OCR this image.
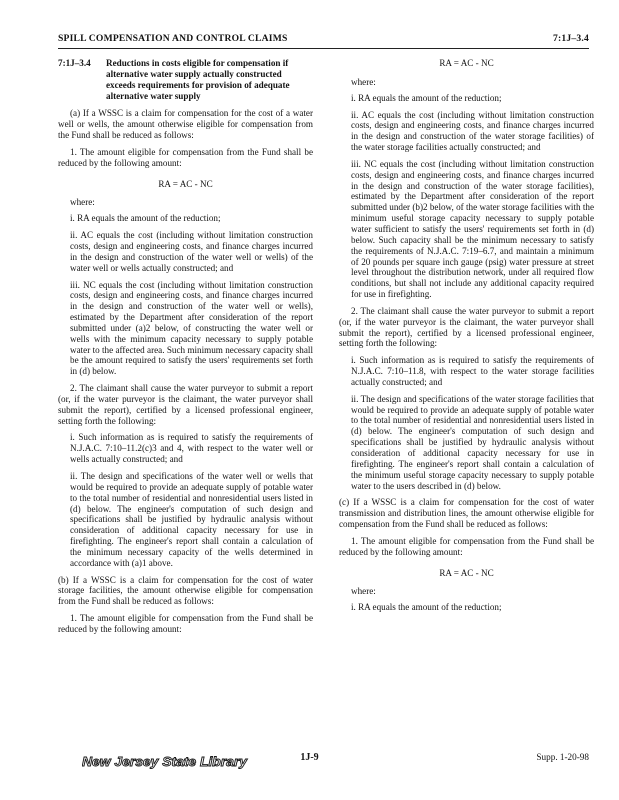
SPILL COMPENSATION AND CONTROL CLAIMS	7:1J–3.4
7:1J–3.4	Reductions in costs eligible for compensation if alternative water supply actually constructed exceeds requirements for provision of adequate alternative water supply

(a) If a WSSC is a claim for compensation for the cost of a water well or wells, the amount otherwise eligible for compensation from the Fund shall be reduced as follows:

1. The amount eligible for compensation from the Fund shall be reduced by the following amount:

RA = AC - NC

where:

i. RA equals the amount of the reduction;

ii. AC equals the cost (including without limitation construction costs, design and engineering costs, and finance charges incurred in the design and construction of the water well or wells) of the water well or wells actually constructed; and

iii. NC equals the cost (including without limitation construction costs, design and engineering costs, and finance charges incurred in the design and construction of the water well or wells), estimated by the Department after consideration of the report submitted under (a)2 below, of constructing the water well or wells with the minimum capacity necessary to supply potable water to the affected area. Such minimum necessary capacity shall be the amount required to satisfy the users' requirements set forth in (d) below.

2. The claimant shall cause the water purveyor to submit a report (or, if the water purveyor is the claimant, the water purveyor shall submit the report), certified by a licensed professional engineer, setting forth the following:

i. Such information as is required to satisfy the requirements of N.J.A.C. 7:10–11.2(c)3 and 4, with respect to the water well or wells actually constructed; and

ii. The design and specifications of the water well or wells that would be required to provide an adequate supply of potable water to the total number of residential and nonresidential users listed in (d) below. The engineer's computation of such design and specifications shall be justified by hydraulic analysis without consideration of additional capacity necessary for use in firefighting. The engineer's report shall contain a calculation of the minimum necessary capacity of the wells determined in accordance with (a)1 above.

(b) If a WSSC is a claim for compensation for the cost of water storage facilities, the amount otherwise eligible for compensation from the Fund shall be reduced as follows:

1. The amount eligible for compensation from the Fund shall be reduced by the following amount:

RA = AC - NC

where:

i. RA equals the amount of the reduction;

ii. AC equals the cost (including without limitation construction costs, design and engineering costs, and finance charges incurred in the design and construction of the water storage facilities) of the water storage facilities actually constructed; and

iii. NC equals the cost (including without limitation construction costs, design and engineering costs, and finance charges incurred in the design and construction of the water storage facilities), estimated by the Department after consideration of the report submitted under (b)2 below, of the water storage facilities with the minimum useful storage capacity necessary to supply potable water sufficient to satisfy the users' requirements set forth in (d) below. Such capacity shall be the minimum necessary to satisfy the requirements of N.J.A.C. 7:19–6.7, and maintain a minimum of 20 pounds per square inch gauge (psig) water pressure at street level throughout the distribution network, under all required flow conditions, but shall not include any additional capacity required for use in firefighting.

2. The claimant shall cause the water purveyor to submit a report (or, if the water purveyor is the claimant, the water purveyor shall submit the report), certified by a licensed professional engineer, setting forth the following:

i. Such information as is required to satisfy the requirements of N.J.A.C. 7:10–11.8, with respect to the water storage facilities actually constructed; and

ii. The design and specifications of the water storage facilities that would be required to provide an adequate supply of potable water to the total number of residential and nonresidential users listed in (d) below. The engineer's computation of such design and specifications shall be justified by hydraulic analysis without consideration of additional capacity necessary for use in firefighting. The engineer's report shall contain a calculation of the minimum useful storage capacity necessary to supply potable water to the users described in (d) below.

(c) If a WSSC is a claim for compensation for the cost of water transmission and distribution lines, the amount otherwise eligible for compensation from the Fund shall be reduced as follows:

1. The amount eligible for compensation from the Fund shall be reduced by the following amount:

RA = AC - NC

where:

i. RA equals the amount of the reduction;

New Jersey State Library	1J-9	Supp. 1-20-98
